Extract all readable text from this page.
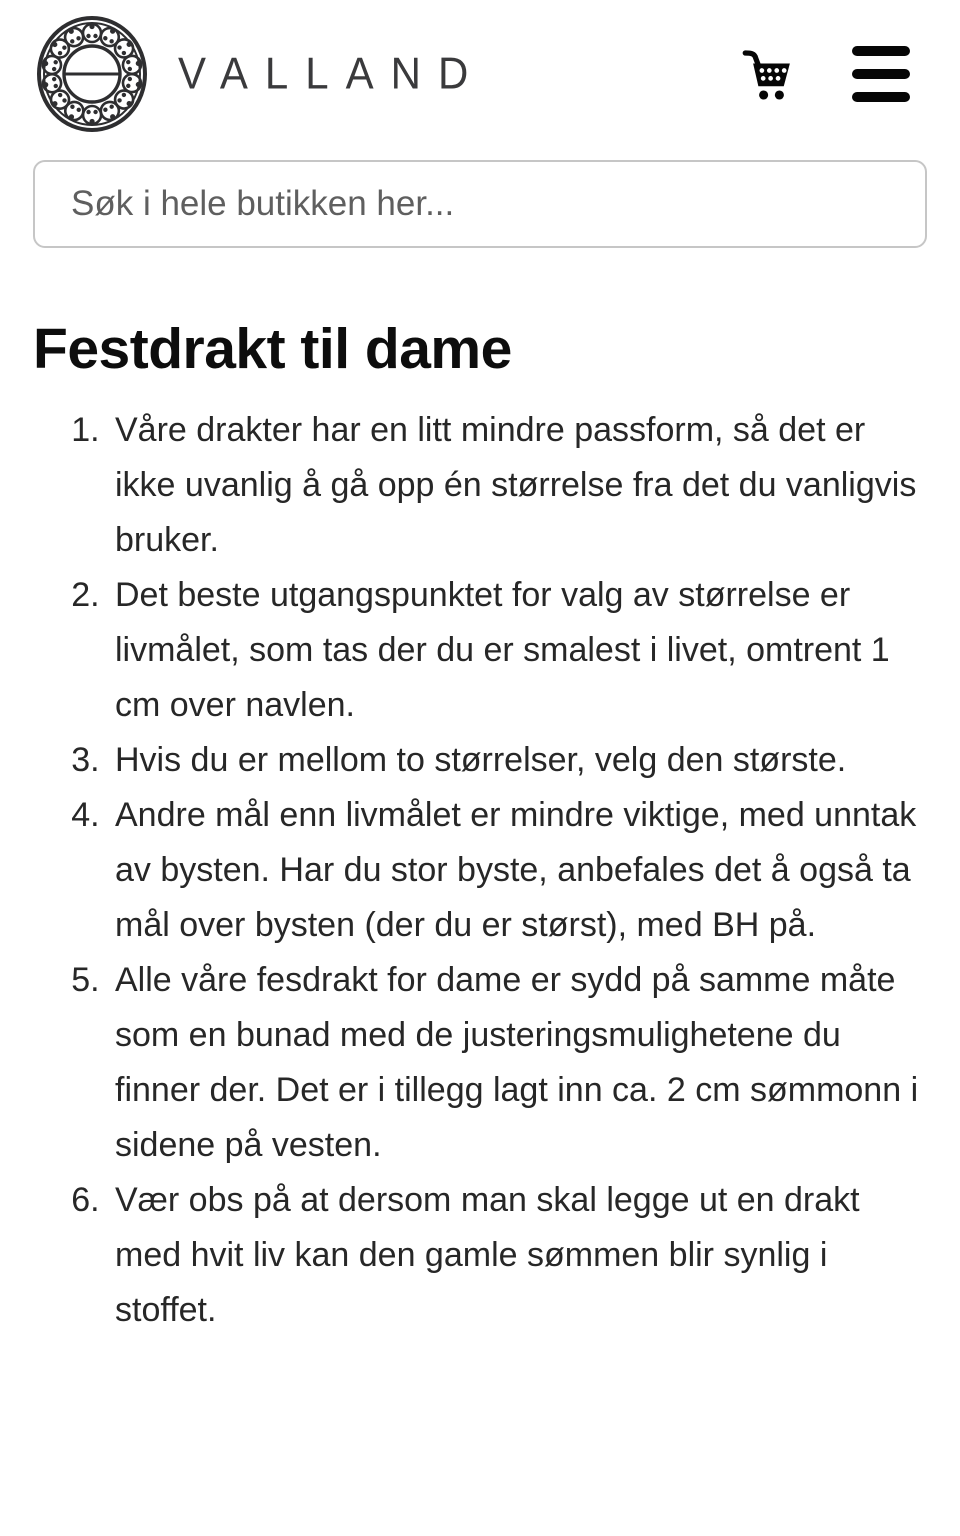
VALLAND
Søk i hele butikken her...
Festdrakt til dame
1. Våre drakter har en litt mindre passform, så det er ikke uvanlig å gå opp én størrelse fra det du vanligvis bruker.
2. Det beste utgangspunktet for valg av størrelse er livmålet, som tas der du er smalest i livet, omtrent 1 cm over navlen.
3. Hvis du er mellom to størrelser, velg den største.
4. Andre mål enn livmålet er mindre viktige, med unntak av bysten. Har du stor byste, anbefales det å også ta mål over bysten (der du er størst), med BH på.
5. Alle våre fesdrakt for dame er sydd på samme måte som en bunad med de justeringsmulighetene du finner der. Det er i tillegg lagt inn ca. 2 cm sømmonn i sidene på vesten.
6. Vær obs på at dersom man skal legge ut en drakt med hvit liv kan den gamle sømmen blir synlig i stoffet.
